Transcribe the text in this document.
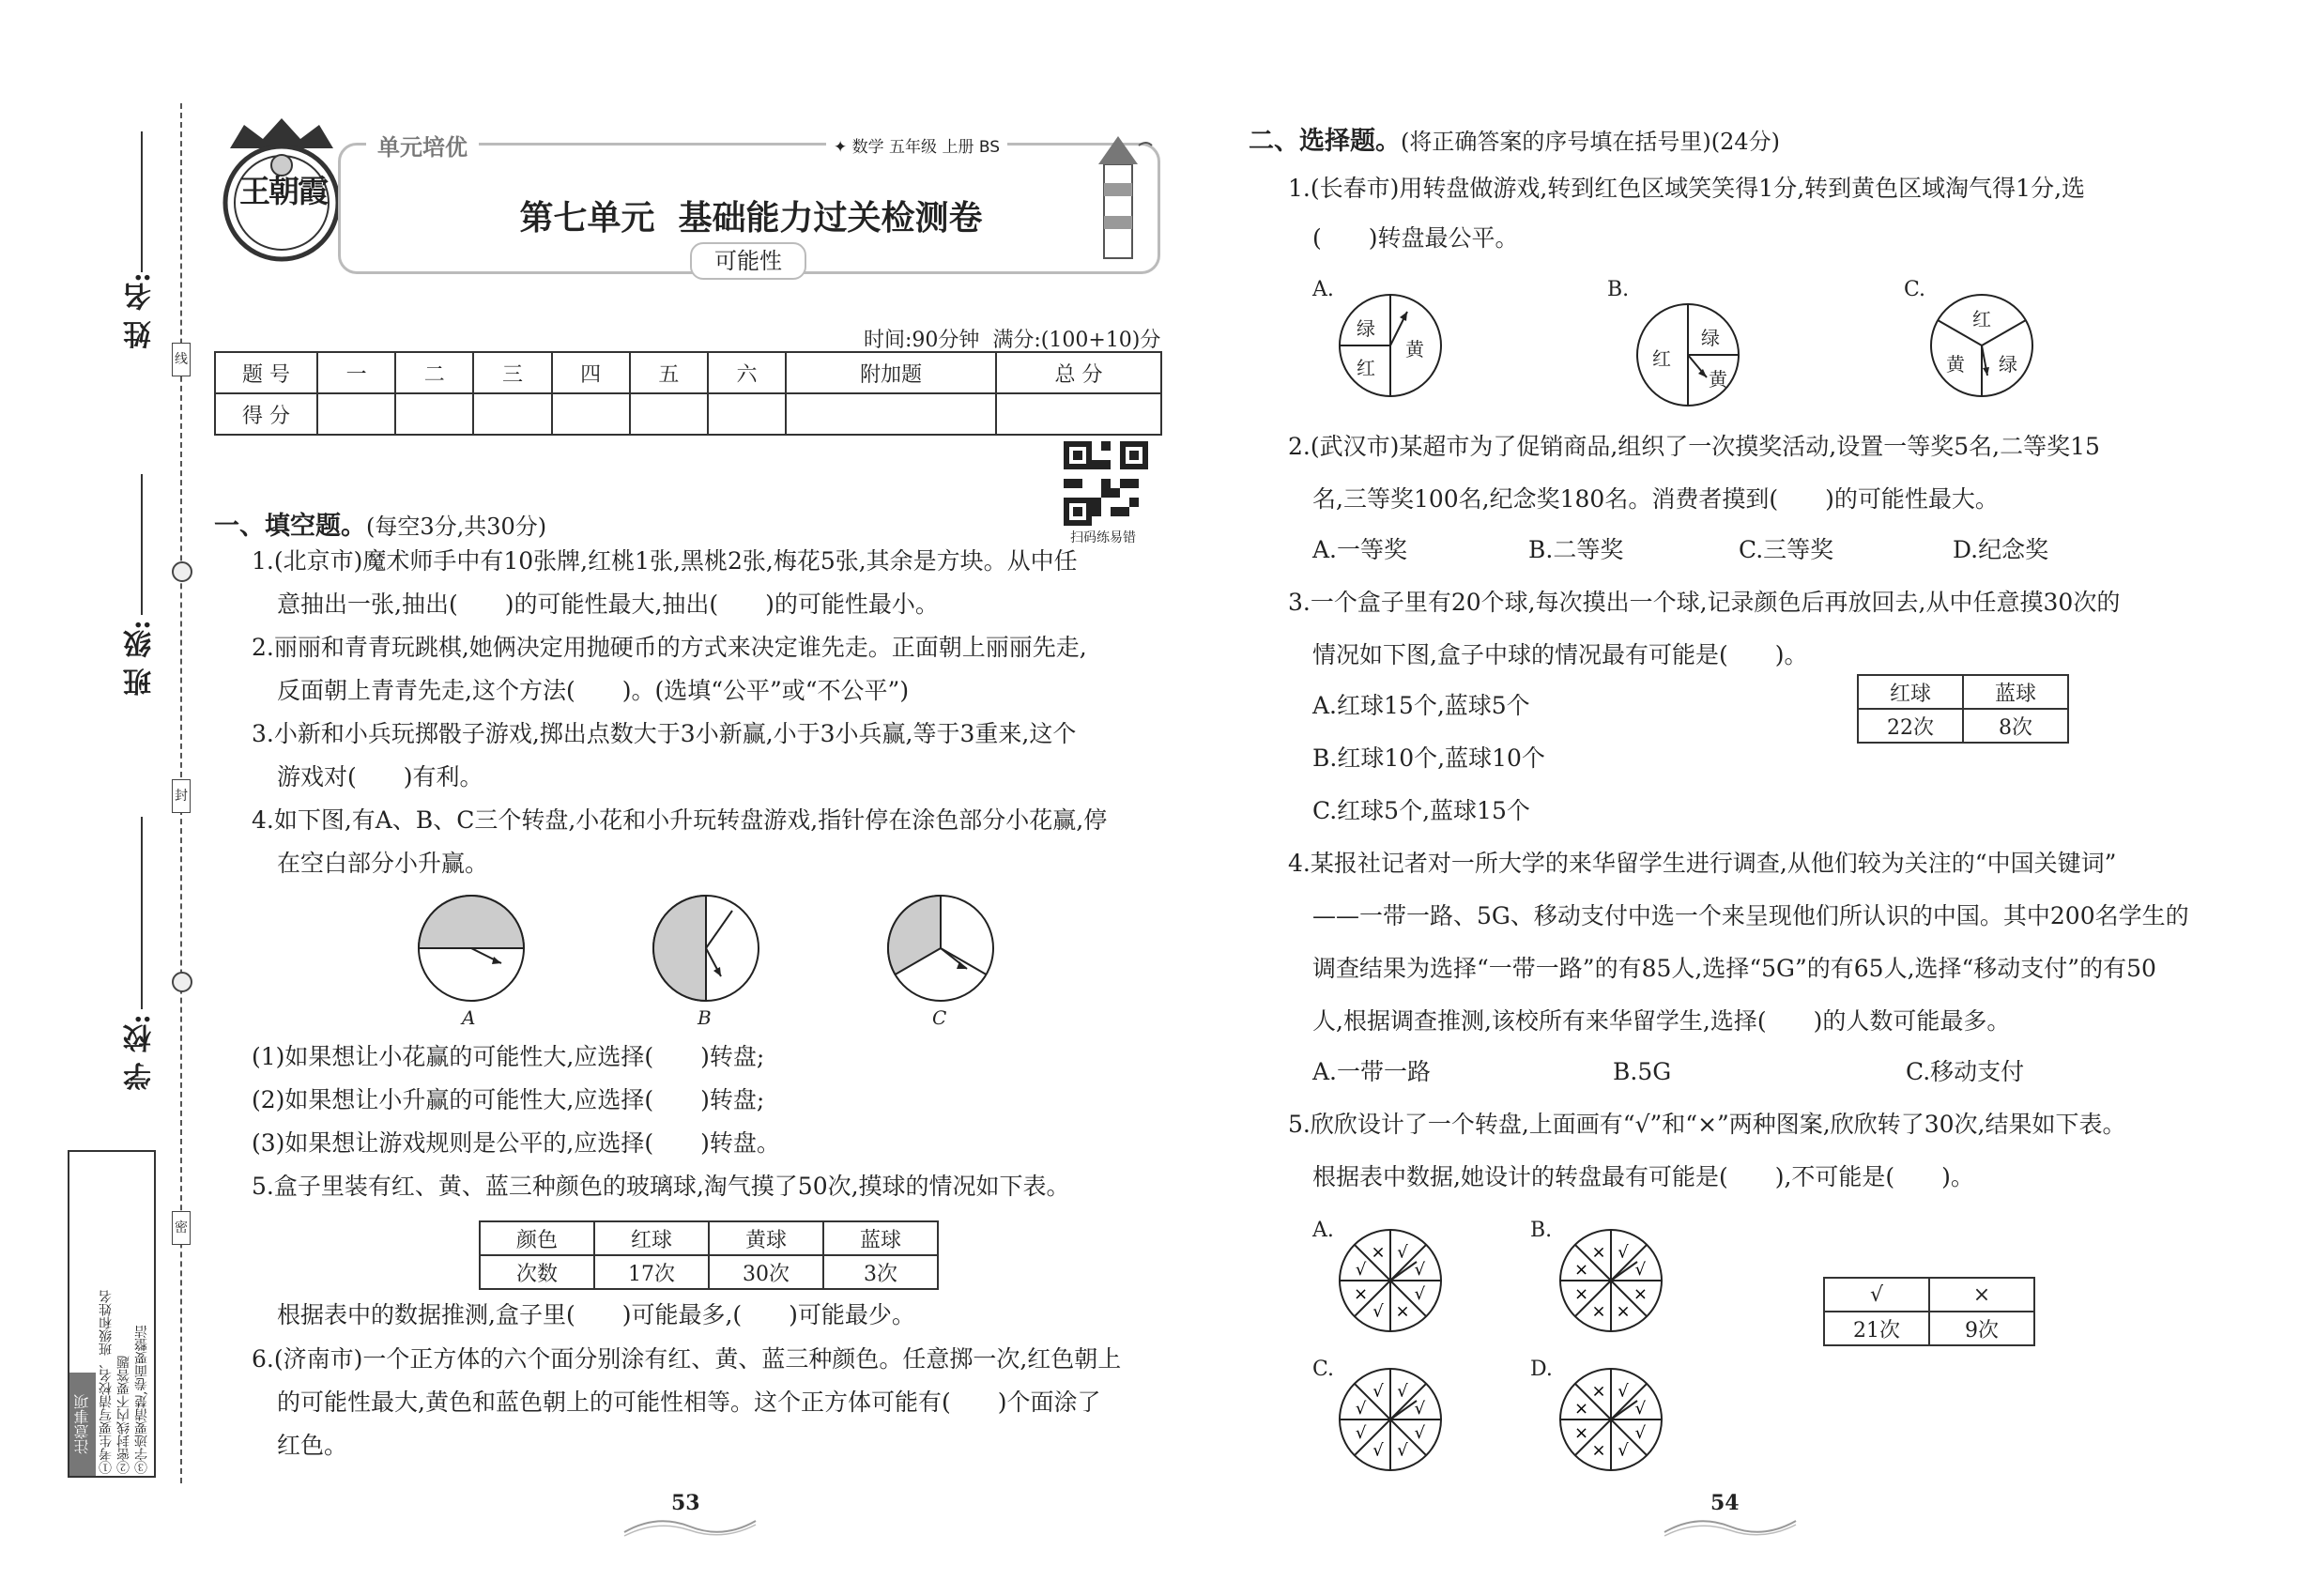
线
封
密
姓 名:
班 级:
学 校:
注意事项 ①考生要写清校名、班级和姓名 ②密封线内不要答题 ③字迹要清楚,卷面要整洁
王朝霞
单元培优	✦ 数学 五年级 上册 BS
第七单元  基础能力过关检测卷
可能性
时间:90分钟  满分:(100+10)分
题 号	一	二	三	四	五	六	附加题	总 分
得 分								
扫码练易错
一、填空题。(每空3分,共30分)
1.(北京市)魔术师手中有10张牌,红桃1张,黑桃2张,梅花5张,其余是方块。从中任
意抽出一张,抽出(　　)的可能性最大,抽出(　　)的可能性最小。
2.丽丽和青青玩跳棋,她俩决定用抛硬币的方式来决定谁先走。正面朝上丽丽先走,
反面朝上青青先走,这个方法(　　)。(选填“公平”或“不公平”)
3.小新和小兵玩掷骰子游戏,掷出点数大于3小新赢,小于3小兵赢,等于3重来,这个
游戏对(　　)有利。
4.如下图,有A、B、C三个转盘,小花和小升玩转盘游戏,指针停在涂色部分小花赢,停
在空白部分小升赢。
A	B	C
(1)如果想让小花赢的可能性大,应选择(　　)转盘;
(2)如果想让小升赢的可能性大,应选择(　　)转盘;
(3)如果想让游戏规则是公平的,应选择(　　)转盘。
5.盒子里装有红、黄、蓝三种颜色的玻璃球,淘气摸了50次,摸球的情况如下表。
颜色	红球	黄球	蓝球
次数	17次	30次	3次
根据表中的数据推测,盒子里(　　)可能最多,(　　)可能最少。
6.(济南市)一个正方体的六个面分别涂有红、黄、蓝三种颜色。任意掷一次,红色朝上
的可能性最大,黄色和蓝色朝上的可能性相等。这个正方体可能有(　　)个面涂了
红色。
53
二、选择题。(将正确答案的序号填在括号里)(24分)
1.(长春市)用转盘做游戏,转到红色区域笑笑得1分,转到黄色区域淘气得1分,选
(　　)转盘最公平。
A.	B.	C.
绿
红
黄	绿
红
黄
红
黄 绿
2.(武汉市)某超市为了促销商品,组织了一次摸奖活动,设置一等奖5名,二等奖15
名,三等奖100名,纪念奖180名。消费者摸到(　　)的可能性最大。
A.一等奖	B.二等奖	C.三等奖	D.纪念奖
3.一个盒子里有20个球,每次摸出一个球,记录颜色后再放回去,从中任意摸30次的
情况如下图,盒子中球的情况最有可能是(　　)。
A.红球15个,蓝球5个
B.红球10个,蓝球10个
C.红球5个,蓝球15个
红球	蓝球
22次	8次
4.某报社记者对一所大学的来华留学生进行调查,从他们较为关注的“中国关键词”
——一带一路、5G、移动支付中选一个来呈现他们所认识的中国。其中200名学生的
调查结果为选择“一带一路”的有85人,选择“5G”的有65人,选择“移动支付”的有50
人,根据调查推测,该校所有来华留学生,选择(　　)的人数可能最多。
A.一带一路	B.5G	C.移动支付
5.欣欣设计了一个转盘,上面画有“√”和“×”两种图案,欣欣转了30次,结果如下表。
根据表中数据,她设计的转盘最有可能是(　　),不可能是(　　)。
A.	B.
C.	D.
√
√
√
×
√
×
√
×	√
√
×
×
×
×
×
×
√
√
√
√
√
√
√
√	√
√
√
√
×
×
×
×
√	×
21次	9次
54
